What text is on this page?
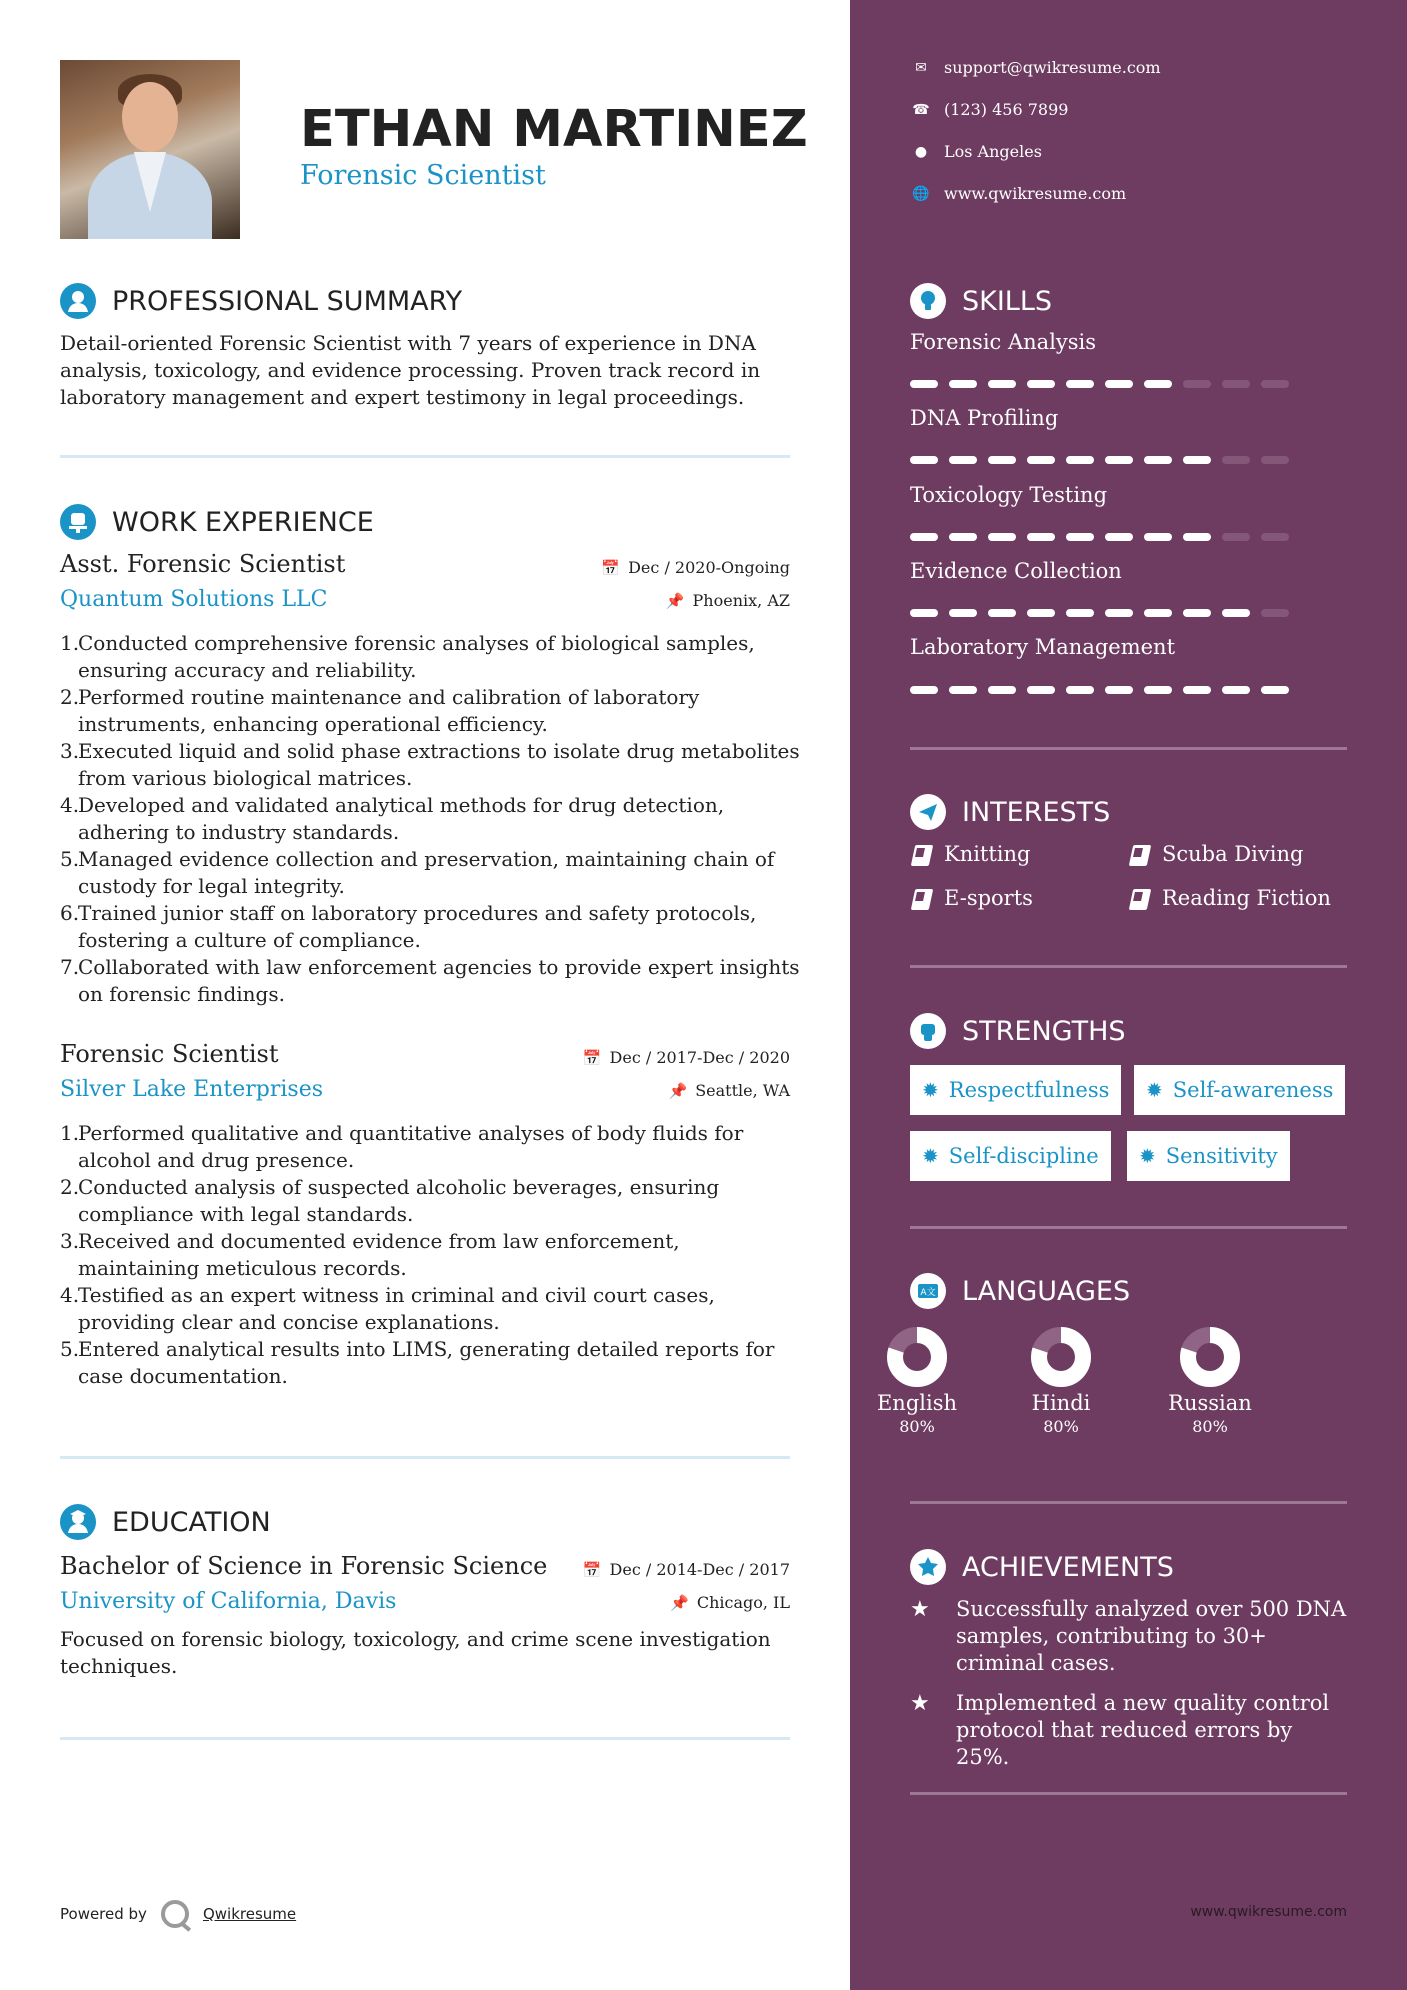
ETHAN MARTINEZ
Forensic Scientist
PROFESSIONAL SUMMARY
Detail-oriented Forensic Scientist with 7 years of experience in DNA analysis, toxicology, and evidence processing. Proven track record in laboratory management and expert testimony in legal proceedings.
WORK EXPERIENCE
Asst. Forensic Scientist	📅 Dec / 2020-Ongoing
Quantum Solutions LLC	📌 Phoenix, AZ
1.
Conducted comprehensive forensic analyses of biological samples, ensuring accuracy and reliability.
2.
Performed routine maintenance and calibration of laboratory instruments, enhancing operational efficiency.
3.
Executed liquid and solid phase extractions to isolate drug metabolites from various biological matrices.
4.
Developed and validated analytical methods for drug detection, adhering to industry standards.
5.
Managed evidence collection and preservation, maintaining chain of custody for legal integrity.
6.
Trained junior staff on laboratory procedures and safety protocols, fostering a culture of compliance.
7.
Collaborated with law enforcement agencies to provide expert insights on forensic findings.
Forensic Scientist	📅 Dec / 2017-Dec / 2020
Silver Lake Enterprises	📌 Seattle, WA
1.
Performed qualitative and quantitative analyses of body fluids for alcohol and drug presence.
2.
Conducted analysis of suspected alcoholic beverages, ensuring compliance with legal standards.
3.
Received and documented evidence from law enforcement, maintaining meticulous records.
4.
Testified as an expert witness in criminal and civil court cases, providing clear and concise explanations.
5.
Entered analytical results into LIMS, generating detailed reports for case documentation.
EDUCATION
Bachelor of Science in Forensic Science 📅 Dec / 2014-Dec / 2017
University of California, Davis	📌 Chicago, IL
Focused on forensic biology, toxicology, and crime scene investigation techniques.
Powered by	Qwikresume
✉	support@qwikresume.com
☎ (123) 456 7899
●	Los Angeles
🌐 www.qwikresume.com
SKILLS
Forensic Analysis
DNA Profiling
Toxicology Testing
Evidence Collection
Laboratory Management
INTERESTS
Knitting	Scuba Diving
E-sports	Reading Fiction
STRENGTHS
✹ Respectfulness ✹ Self-awareness
✹ Self-discipline ✹ Sensitivity
A文 LANGUAGES
English
80%
Hindi
80%
Russian
80%
ACHIEVEMENTS
★	Successfully analyzed over 500 DNA samples, contributing to 30+ criminal cases.
★	Implemented a new quality control protocol that reduced errors by 25%.
www.qwikresume.com
